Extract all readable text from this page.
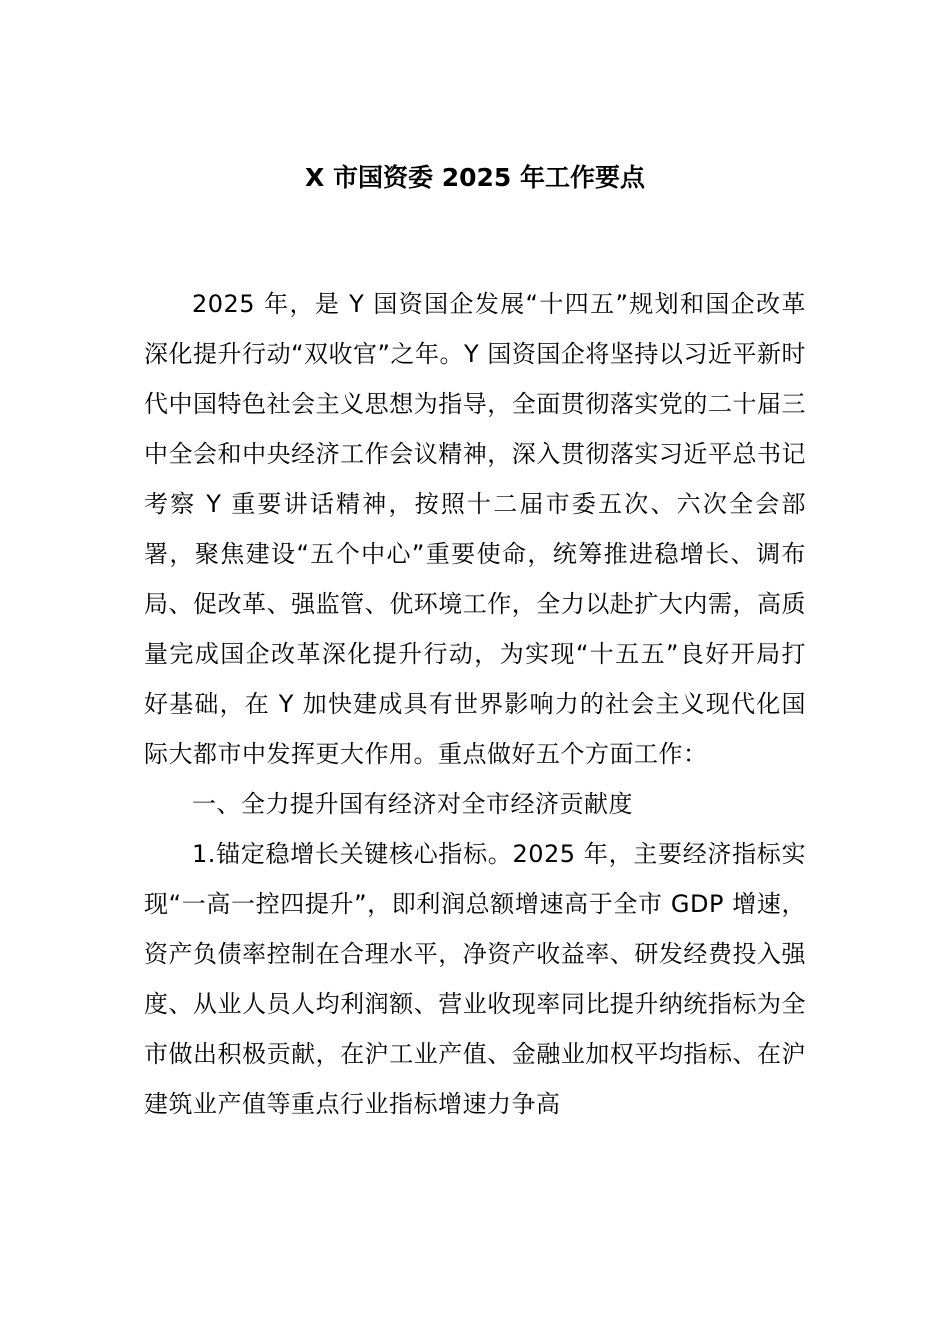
X 市国资委 2025 年工作要点

2025 年，是 Y 国资国企发展“十四五”规划和国企改革深化提升行动“双收官”之年。Y 国资国企将坚持以习近平新时代中国特色社会主义思想为指导，全面贯彻落实党的二十届三中全会和中央经济工作会议精神，深入贯彻落实习近平总书记考察 Y 重要讲话精神，按照十二届市委五次、六次全会部署，聚焦建设“五个中心”重要使命，统筹推进稳增长、调布局、促改革、强监管、优环境工作，全力以赴扩大内需，高质量完成国企改革深化提升行动，为实现“十五五”良好开局打好基础，在 Y 加快建成具有世界影响力的社会主义现代化国际大都市中发挥更大作用。重点做好五个方面工作：

一、全力提升国有经济对全市经济贡献度

1.锚定稳增长关键核心指标。2025 年，主要经济指标实现“一高一控四提升”，即利润总额增速高于全市 GDP 增速，资产负债率控制在合理水平，净资产收益率、研发经费投入强度、从业人员人均利润额、营业收现率同比提升纳统指标为全市做出积极贡献，在沪工业产值、金融业加权平均指标、在沪建筑业产值等重点行业指标增速力争高
